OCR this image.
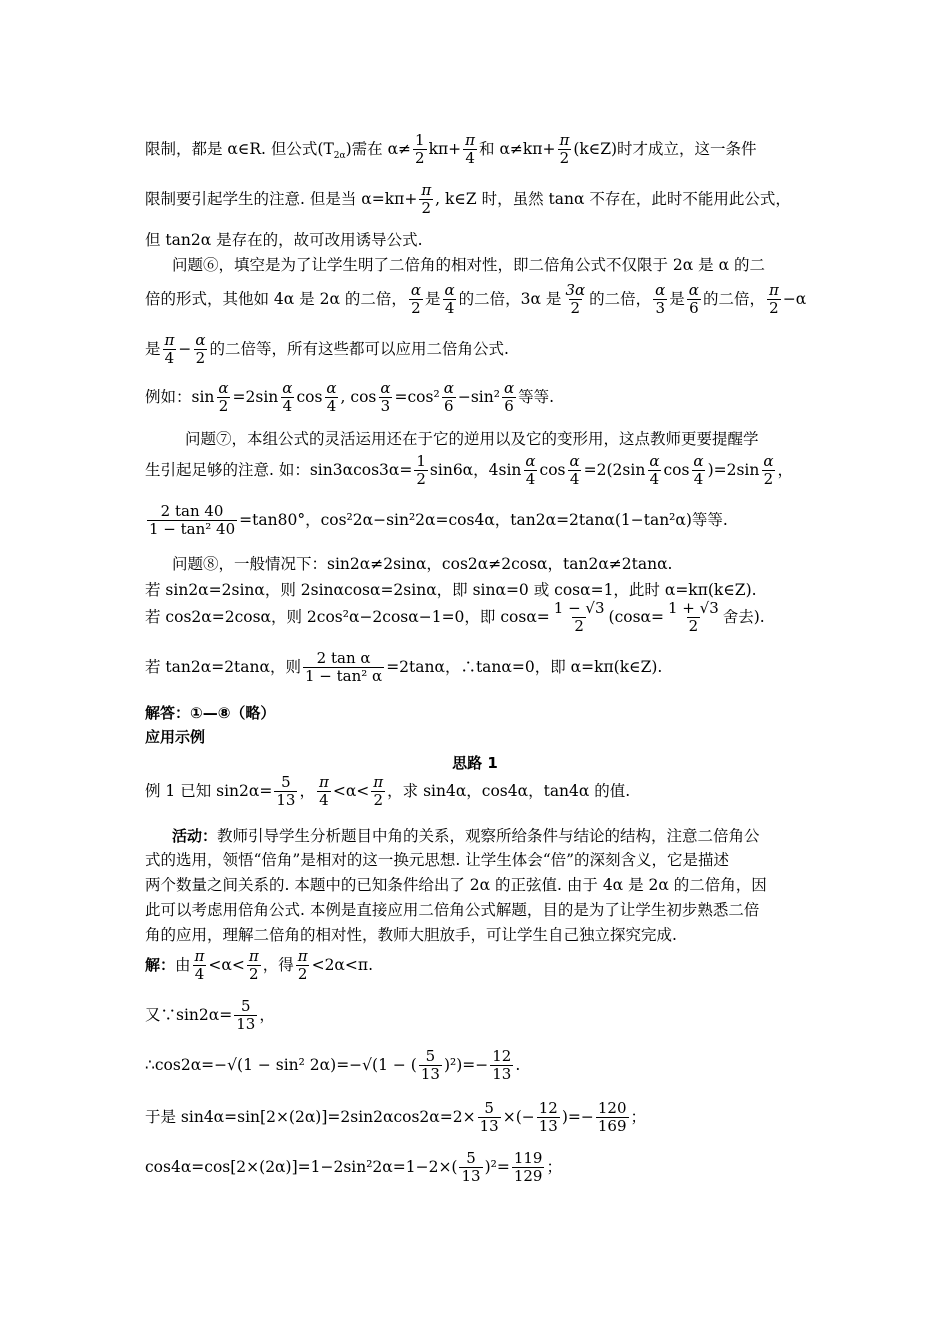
限制，都是 α∈R. 但公式$(T_{2\alpha})$需在 $\alpha\ne \frac{1}{2} k\pi+ \frac{\pi}{4}$ 和 $\alpha\ne k\pi+ \frac{\pi}{2}$ (k∈Z)时才成立，这一条件
限制要引起学生的注意. 但是当 $\alpha=k\pi+ \frac{\pi}{2}$ , k∈Z 时，虽然 tanα 不存在，此时不能用此公式，
但 tan2α 是存在的，故可改用诱导公式.
问题⑥，填空是为了让学生明了二倍角的相对性，即二倍角公式不仅限于 2α 是 α 的二
倍的形式，其他如 4α 是 2α 的二倍， $\frac{\alpha}{2}$ 是 $\frac{\alpha}{4}$ 的二倍，3α 是 $\frac{3\alpha}{2}$ 的二倍， $\frac{\alpha}{3}$ 是 $\frac{\alpha}{6}$ 的二倍， $\frac{\pi}{2} -\alpha$
是 $\frac{\pi}{4} - \frac{\alpha}{2}$ 的二倍等，所有这些都可以应用二倍角公式.
例如：$\sin \frac{\alpha}{2} =2\sin \frac{\alpha}{4}$ $\cos \frac{\alpha}{4}$ , $\cos \frac{\alpha}{3} =\cos^2 \frac{\alpha}{6} -\sin^2 \frac{\alpha}{6}$ 等等.
问题⑦，本组公式的灵活运用还在于它的逆用以及它的变形用，这点教师更要提醒学
生引起足够的注意. 如：$\sin 3\alpha\cos 3\alpha= \frac{1}{2} \sin 6\alpha$，$4\sin \frac{\alpha}{4}$ $\cos \frac{\alpha}{4} =2(2\sin \frac{\alpha}{4}$ $\cos \frac{\alpha}{4} )=2\sin \frac{\alpha}{2}$ ，
$\frac{2 \tan 40}{\text{1 − tan² 40}} =\tan 80^\circ$，cos²2α−sin²2α=cos4α，tan2α=2tanα(1−tan²α)等等.
问题⑧，一般情况下：sin2α≠2sinα，cos2α≠2cosα，tan2α≠2tanα.
若 sin2α=2sinα，则 2sinαcosα=2sinα，即 sinα=0 或 cosα=1，此时 α=kπ(k∈Z).
若 cos2α=2cosα，则 2cos²α−2cosα−1=0，即 $\cos\alpha= \frac{1 - √3}{2} (\cos\alpha= \frac{1 + √3}{2}$ 舍去).
若 tan2α=2tanα，则 $\frac{\text{2 tan α}}{\text{1 − tan² α}} =2\tan\alpha$，∴tanα=0，即 α=kπ(k∈Z).
解答：①—⑧（略）
应用示例
思路 1
例 1 已知 $\sin 2\alpha= \frac{5}{13}$ ， $\frac{\pi}{4} <\alpha< \frac{\pi}{2}$ ，求 sin4α，cos4α，tan4α 的值.
活动：教师引导学生分析题目中角的关系，观察所给条件与结论的结构，注意二倍角公
式的选用，领悟“倍角”是相对的这一换元思想. 让学生体会“倍”的深刻含义，它是描述
两个数量之间关系的. 本题中的已知条件给出了 2α 的正弦值. 由于 4α 是 2α 的二倍角，因
此可以考虑用倍角公式. 本例是直接应用二倍角公式解题，目的是为了让学生初步熟悉二倍
角的应用，理解二倍角的相对性，教师大胆放手，可让学生自己独立探究完成.
解：由 $\frac{\pi}{4} <\alpha< \frac{\pi}{2}$ ，得 $\frac{\pi}{2} <2\alpha<\pi$.
又∵sin2α= $\frac{5}{13}$ ，
∴cos2α=−√(1 − sin² 2α)=−√(1 − ( $\frac{5}{13} )^2)=- \frac{12}{13}$ .
于是 $\sin 4\alpha=\sin[2\times(2\alpha)]=2\sin 2\alpha\cos 2\alpha=2\times \frac{5}{13}$ ×(− $\frac{12}{13}$ )=− $\frac{120}{169}$ ；
$\cos 4\alpha=\cos[2\times(2\alpha)]=1-2\sin^22\alpha=1-2\times( \frac{5}{13} )^2= \frac{119}{129}$ ；
